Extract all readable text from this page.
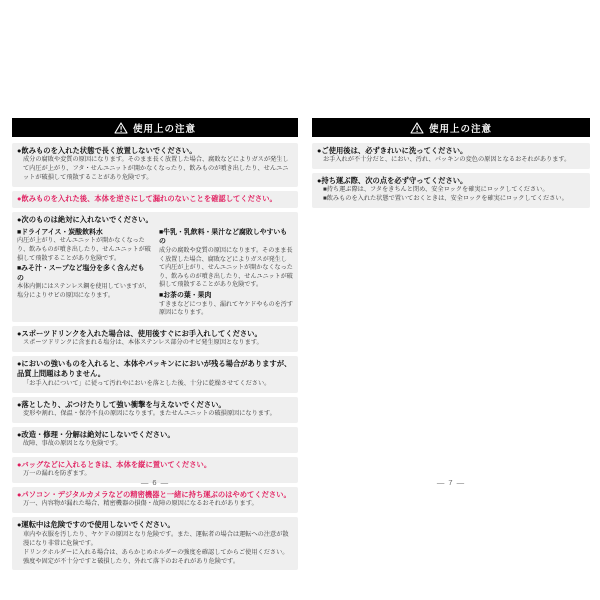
使用上の注意
●飲みものを入れた状態で長く放置しないでください。
成分の腐敗や変質の原因になります。そのまま長く放置した場合、腐敗などによりガスが発生して内圧が上がり、フタ・せんユニットが開かなくなったり、飲みものが噴き出したり、せんユニットが破損して飛散することがあり危険です。
●飲みものを入れた後、本体を逆さにして漏れのないことを確認してください。
●次のものは絶対に入れないでください。
■ドライアイス・炭酸飲料水
内圧が上がり、せんユニットが開かなくなったり、飲みものが噴き出したり、せんユニットが破損して飛散することがあり危険です。
■みそ汁・スープなど塩分を多く含んだもの
本体内側にはステンレス鋼を使用していますが、塩分によりサビの原因になります。
■牛乳・乳飲料・果汁など腐敗しやすいもの
成分の腐敗や変質の原因になります。そのまま長く放置した場合、腐敗などによりガスが発生して内圧が上がり、せんユニットが開かなくなったり、飲みものが噴き出したり、せんユニットが破損して飛散することがあり危険です。
■お茶の葉・果肉
すきまなどにつまり、漏れてヤケドやものを汚す原因になります。
●スポーツドリンクを入れた場合は、使用後すぐにお手入れしてください。
スポーツドリンクに含まれる塩分は、本体ステンレス部分のサビ発生原因となります。
●においの強いものを入れると、本体やパッキンににおいが残る場合がありますが、品質上問題はありません。
「お手入れについて」に従って汚れやにおいを落とした後、十分に乾燥させてください。
●落としたり、ぶつけたりして強い衝撃を与えないでください。
変形や割れ、保温・保冷不良の原因になります。またせんユニットの破損原因になります。
●改造・修理・分解は絶対にしないでください。
故障、事故の原因となり危険です。
●バッグなどに入れるときは、本体を縦に置いてください。
万一の漏れを防ぎます。
●パソコン・デジタルカメラなどの精密機器と一緒に持ち運ぶのはやめてください。
万一、内容物が漏れた場合、精密機器の損傷・故障の原因になるおそれがあります。
●運転中は危険ですので使用しないでください。
車内や衣服を汚したり、ヤケドの原因となり危険です。また、運転者の場合は運転への注意が散漫になり非常に危険です。
ドリンクホルダーに入れる場合は、あらかじめホルダーの強度を確認してからご使用ください。
強度や固定が不十分ですと破損したり、外れて落下のおそれがあり危険です。
— 6 —
使用上の注意
●ご使用後は、必ずきれいに洗ってください。
お手入れが不十分だと、におい、汚れ、パッキンの変色の原因となるおそれがあります。
●持ち運ぶ際、次の点を必ず守ってください。
■持ち運ぶ際は、フタをきちんと閉め、安全ロックを確実にロックしてください。
■飲みものを入れた状態で置いておくときは、安全ロックを確実にロックしてください。
— 7 —
